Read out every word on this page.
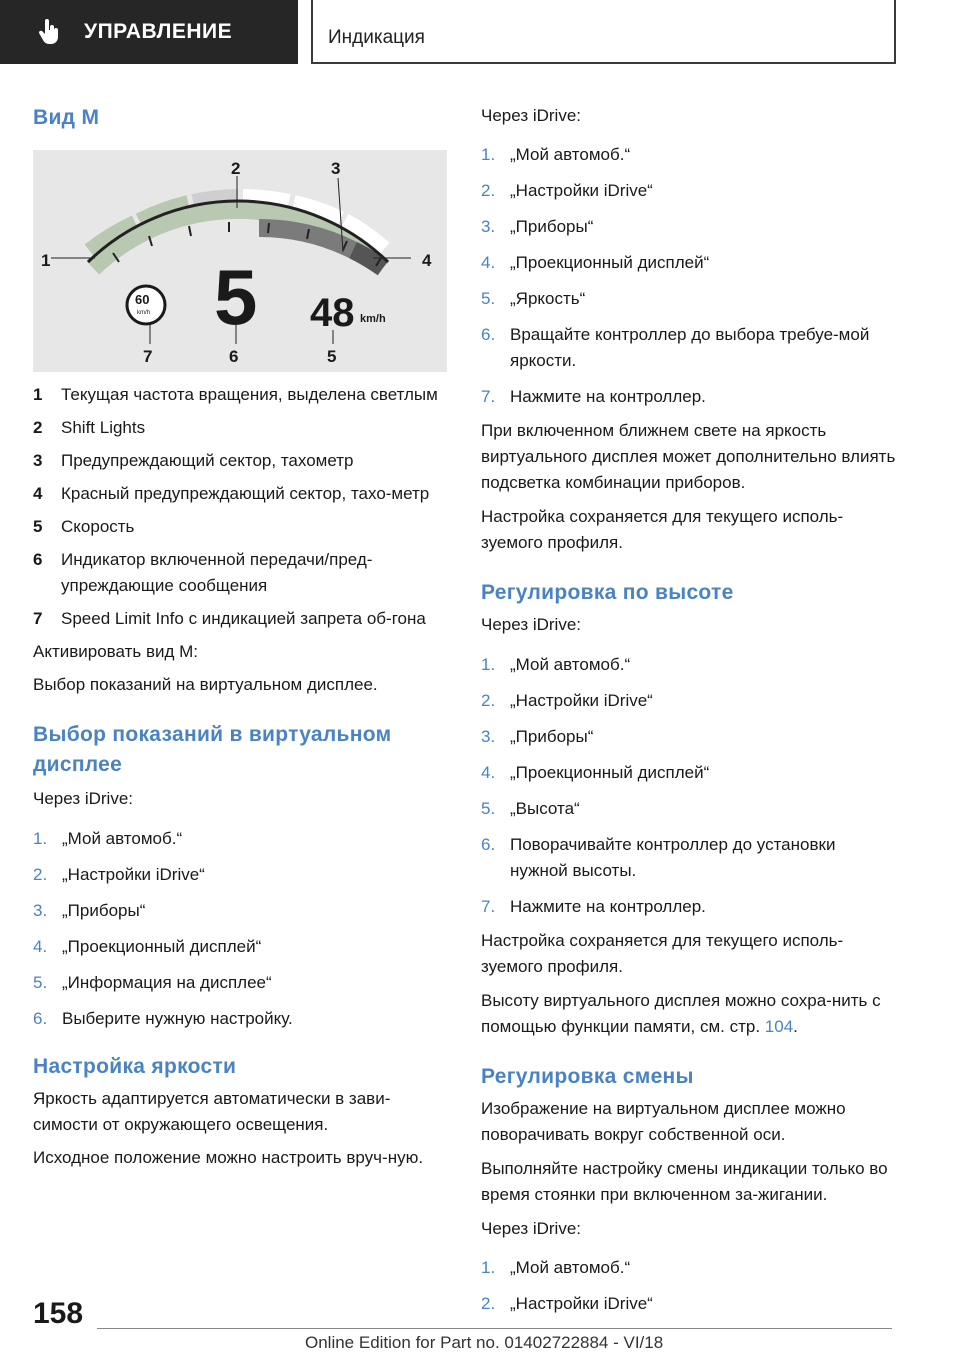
УПРАВЛЕНИЕ	Индикация
Вид М
1
2	3
4
5
6
7
5 48 km/h
60
km/h
1	Текущая частота вращения, выделена светлым
2	Shift Lights
3	Предупреждающий сектор, тахометр
4	Красный предупреждающий сектор, тахо-метр
5	Скорость
6	Индикатор включенной передачи/пред-упреждающие сообщения
7	Speed Limit Info с индикацией запрета об-гона

Активировать вид М:

Выбор показаний на виртуальном дисплее.

Выбор показаний в виртуальном дисплее

Через iDrive:

1. „Мой автомоб.“
2. „Настройки iDrive“
3. „Приборы“
4. „Проекционный дисплей“
5. „Информация на дисплее“
6. Выберите нужную настройку.
Настройка яркости

Яркость адаптируется автоматически в зави-симости от окружающего освещения.

Исходное положение можно настроить вруч-ную.

Через iDrive:

1. „Мой автомоб.“
2. „Настройки iDrive“
3. „Приборы“
4. „Проекционный дисплей“
5. „Яркость“
6. Вращайте контроллер до выбора требуе-мой яркости.
7. Нажмите на контроллер.

При включенном ближнем свете на яркость виртуального дисплея может дополнительно влиять подсветка комбинации приборов.

Настройка сохраняется для текущего исполь-зуемого профиля.

Регулировка по высоте

Через iDrive:

1. „Мой автомоб.“
2. „Настройки iDrive“
3. „Приборы“
4. „Проекционный дисплей“
5. „Высота“
6. Поворачивайте контроллер до установки нужной высоты.
7. Нажмите на контроллер.

Настройка сохраняется для текущего исполь-зуемого профиля.

Высоту виртуального дисплея можно сохра-нить с помощью функции памяти, см. стр. 104.

Регулировка смены

Изображение на виртуальном дисплее можно поворачивать вокруг собственной оси.

Выполняйте настройку смены индикации только во время стоянки при включенном за-жигании.

Через iDrive:

1. „Мой автомоб.“
2. „Настройки iDrive“
158
Online Edition for Part no. 01402722884 - VI/18
